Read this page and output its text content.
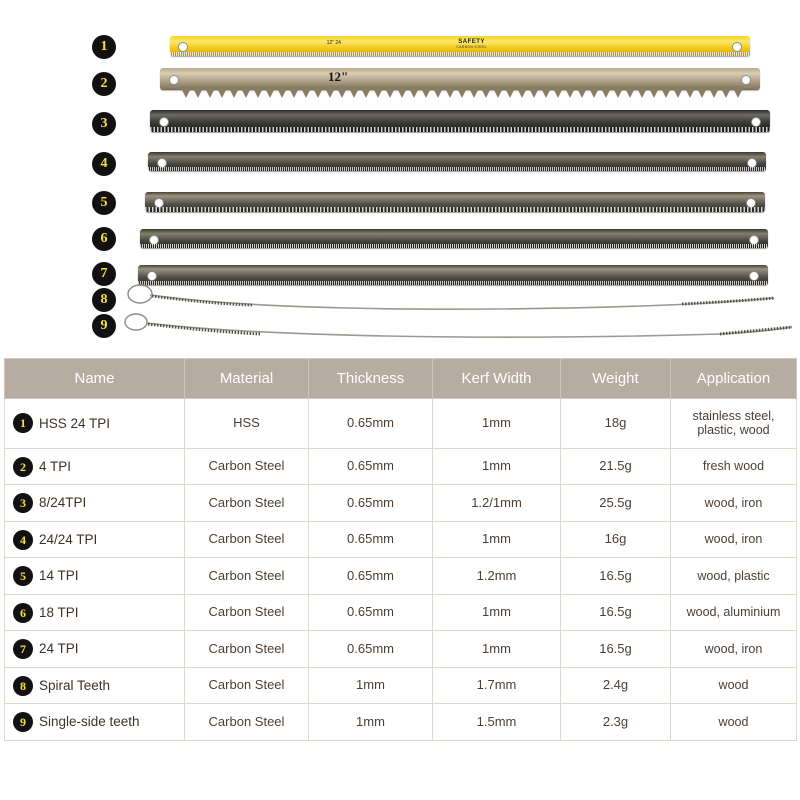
1
2
3
4
5
6
7
8
9
12" 24	SAFETY
CARBON STEEL
12"
Name	Material	Thickness	Kerf Width	Weight	Application

1 HSS 24 TPI	HSS	0.65mm	1mm	18g	stainless steel, plastic, wood

2 4 TPI	Carbon Steel	0.65mm	1mm	21.5g	fresh wood

3 8/24TPI	Carbon Steel	0.65mm	1.2/1mm	25.5g	wood, iron

4 24/24 TPI	Carbon Steel	0.65mm	1mm	16g	wood, iron

5 14 TPI	Carbon Steel	0.65mm	1.2mm	16.5g	wood, plastic

6 18 TPI	Carbon Steel	0.65mm	1mm	16.5g	wood, aluminium

7 24 TPI	Carbon Steel	0.65mm	1mm	16.5g	wood, iron

8 Spiral Teeth	Carbon Steel	1mm	1.7mm	2.4g	wood

9 Single-side teeth	Carbon Steel	1mm	1.5mm	2.3g	wood
